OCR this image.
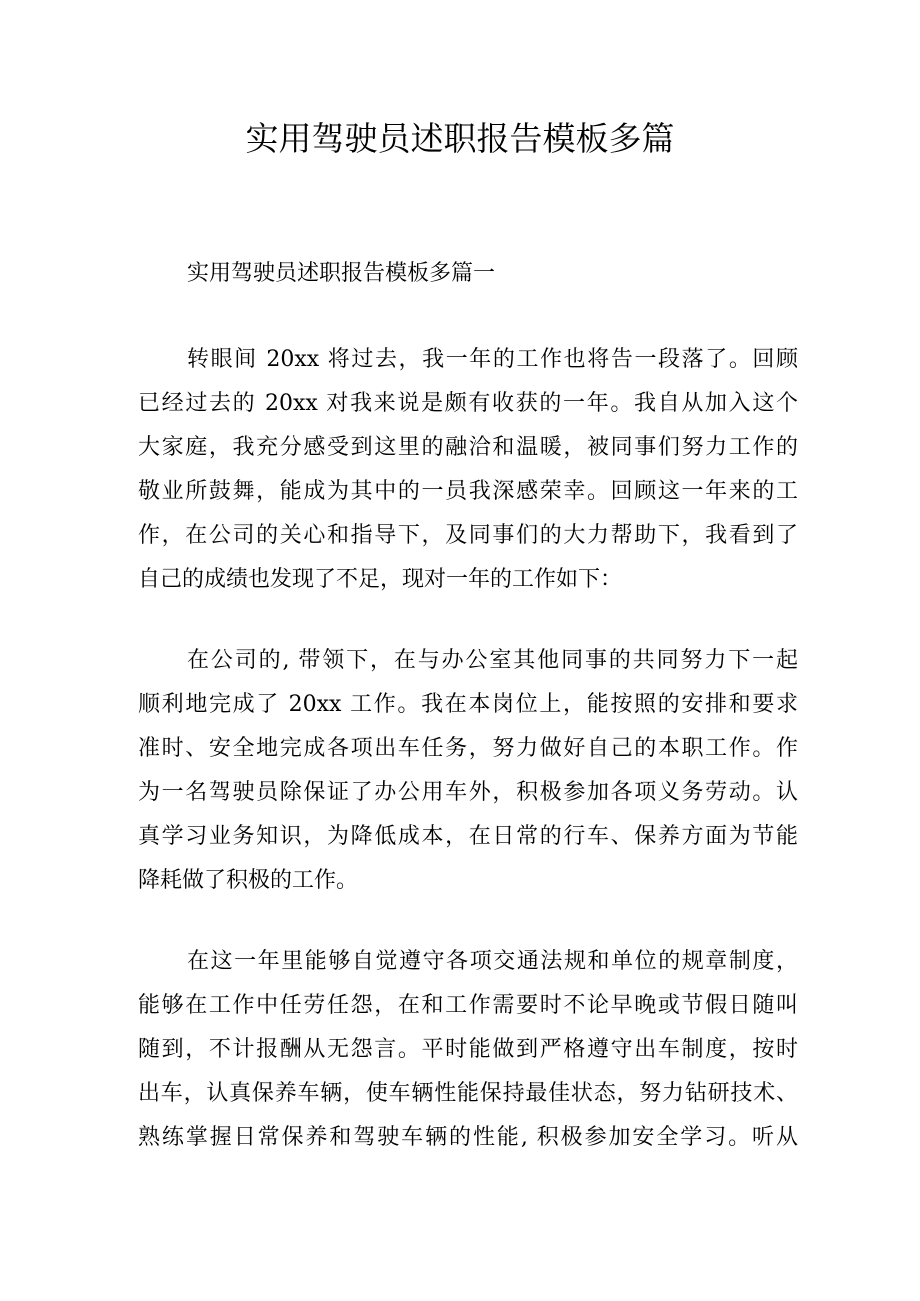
实用驾驶员述职报告模板多篇
实用驾驶员述职报告模板多篇一
转眼间 20xx 将过去，我一年的工作也将告一段落了。回顾
已经过去的 20xx 对我来说是颇有收获的一年。我自从加入这个
大家庭，我充分感受到这里的融洽和温暖，被同事们努力工作的
敬业所鼓舞，能成为其中的一员我深感荣幸。回顾这一年来的工
作，在公司的关心和指导下，及同事们的大力帮助下，我看到了
自己的成绩也发现了不足，现对一年的工作如下：
在公司的, 带领下，在与办公室其他同事的共同努力下一起
顺利地完成了 20xx 工作。我在本岗位上，能按照的安排和要求
准时、安全地完成各项出车任务，努力做好自己的本职工作。作
为一名驾驶员除保证了办公用车外，积极参加各项义务劳动。认
真学习业务知识，为降低成本，在日常的行车、保养方面为节能
降耗做了积极的工作。
在这一年里能够自觉遵守各项交通法规和单位的规章制度，
能够在工作中任劳任怨，在和工作需要时不论早晚或节假日随叫
随到，不计报酬从无怨言。平时能做到严格遵守出车制度，按时
出车，认真保养车辆，使车辆性能保持最佳状态，努力钻研技术、
熟练掌握日常保养和驾驶车辆的性能, 积极参加安全学习。听从
